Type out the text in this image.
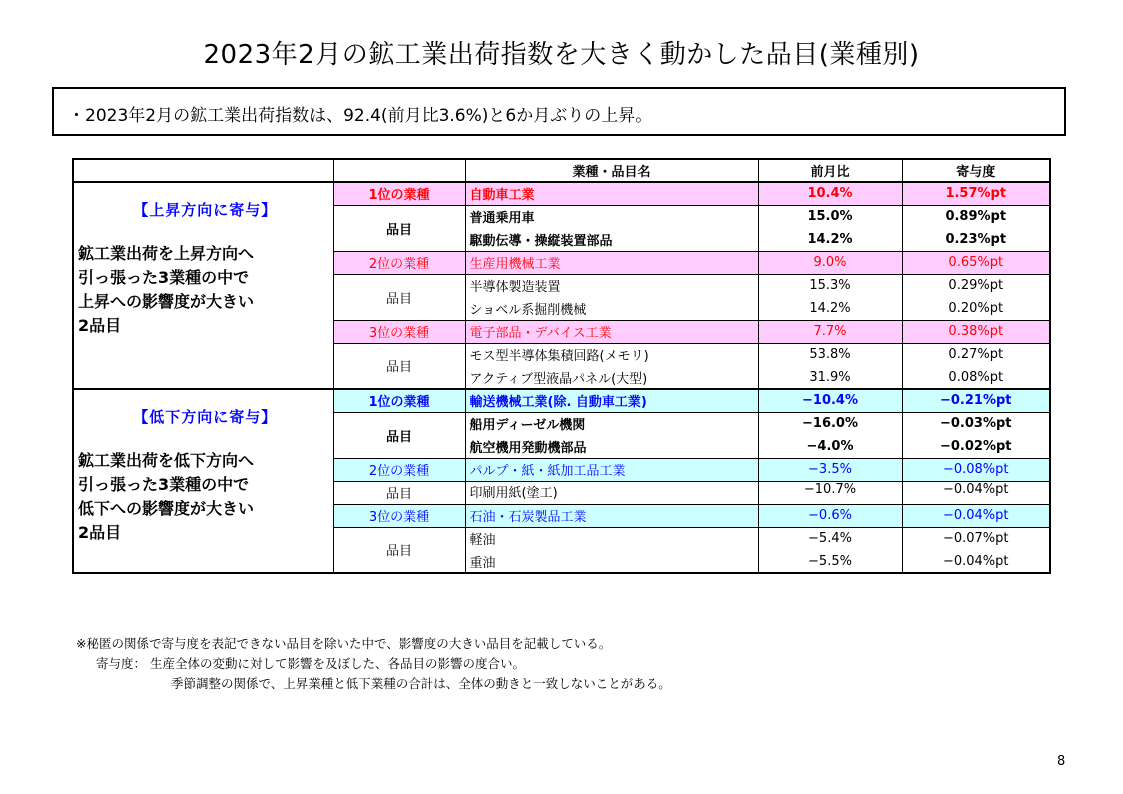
2023年2月の鉱工業出荷指数を大きく動かした品目(業種別)
・2023年2月の鉱工業出荷指数は、92.4(前月比3.6%)と6か月ぶりの上昇。
		業種・品目名	前月比	寄与度

【上昇方向に寄与】
鉱工業出荷を上昇方向へ
引っ張った3業種の中で
上昇への影響度が大きい
2品目	1位の業種	自動車工業	10.4%	1.57%pt
	品目	普通乗用車	15.0%	0.89%pt
		駆動伝導・操縦装置部品	14.2%	0.23%pt
	2位の業種	生産用機械工業	9.0%	0.65%pt
	品目	半導体製造装置	15.3%	0.29%pt
		ショベル系掘削機械	14.2%	0.20%pt
	3位の業種	電子部品・デバイス工業	7.7%	0.38%pt
	品目	モス型半導体集積回路(メモリ)	53.8%	0.27%pt
		アクティブ型液晶パネル(大型)	31.9%	0.08%pt

【低下方向に寄与】
鉱工業出荷を低下方向へ
引っ張った3業種の中で
低下への影響度が大きい
2品目	1位の業種	輸送機械工業(除. 自動車工業)	−10.4%	−0.21%pt
	品目	船用ディーゼル機関	−16.0%	−0.03%pt
		航空機用発動機部品	−4.0%	−0.02%pt
	2位の業種	パルプ・紙・紙加工品工業	−3.5%	−0.08%pt
	品目	印刷用紙(塗工)	−10.7%	−0.04%pt

	3位の業種	石油・石炭製品工業	−0.6%	−0.04%pt
	品目	軽油	−5.4%	−0.07%pt
		重油	−5.5%	−0.04%pt
※秘匿の関係で寄与度を表記できない品目を除いた中で、影響度の大きい品目を記載している。
寄与度： 生産全体の変動に対して影響を及ぼした、各品目の影響の度合い。
季節調整の関係で、上昇業種と低下業種の合計は、全体の動きと一致しないことがある。
8
